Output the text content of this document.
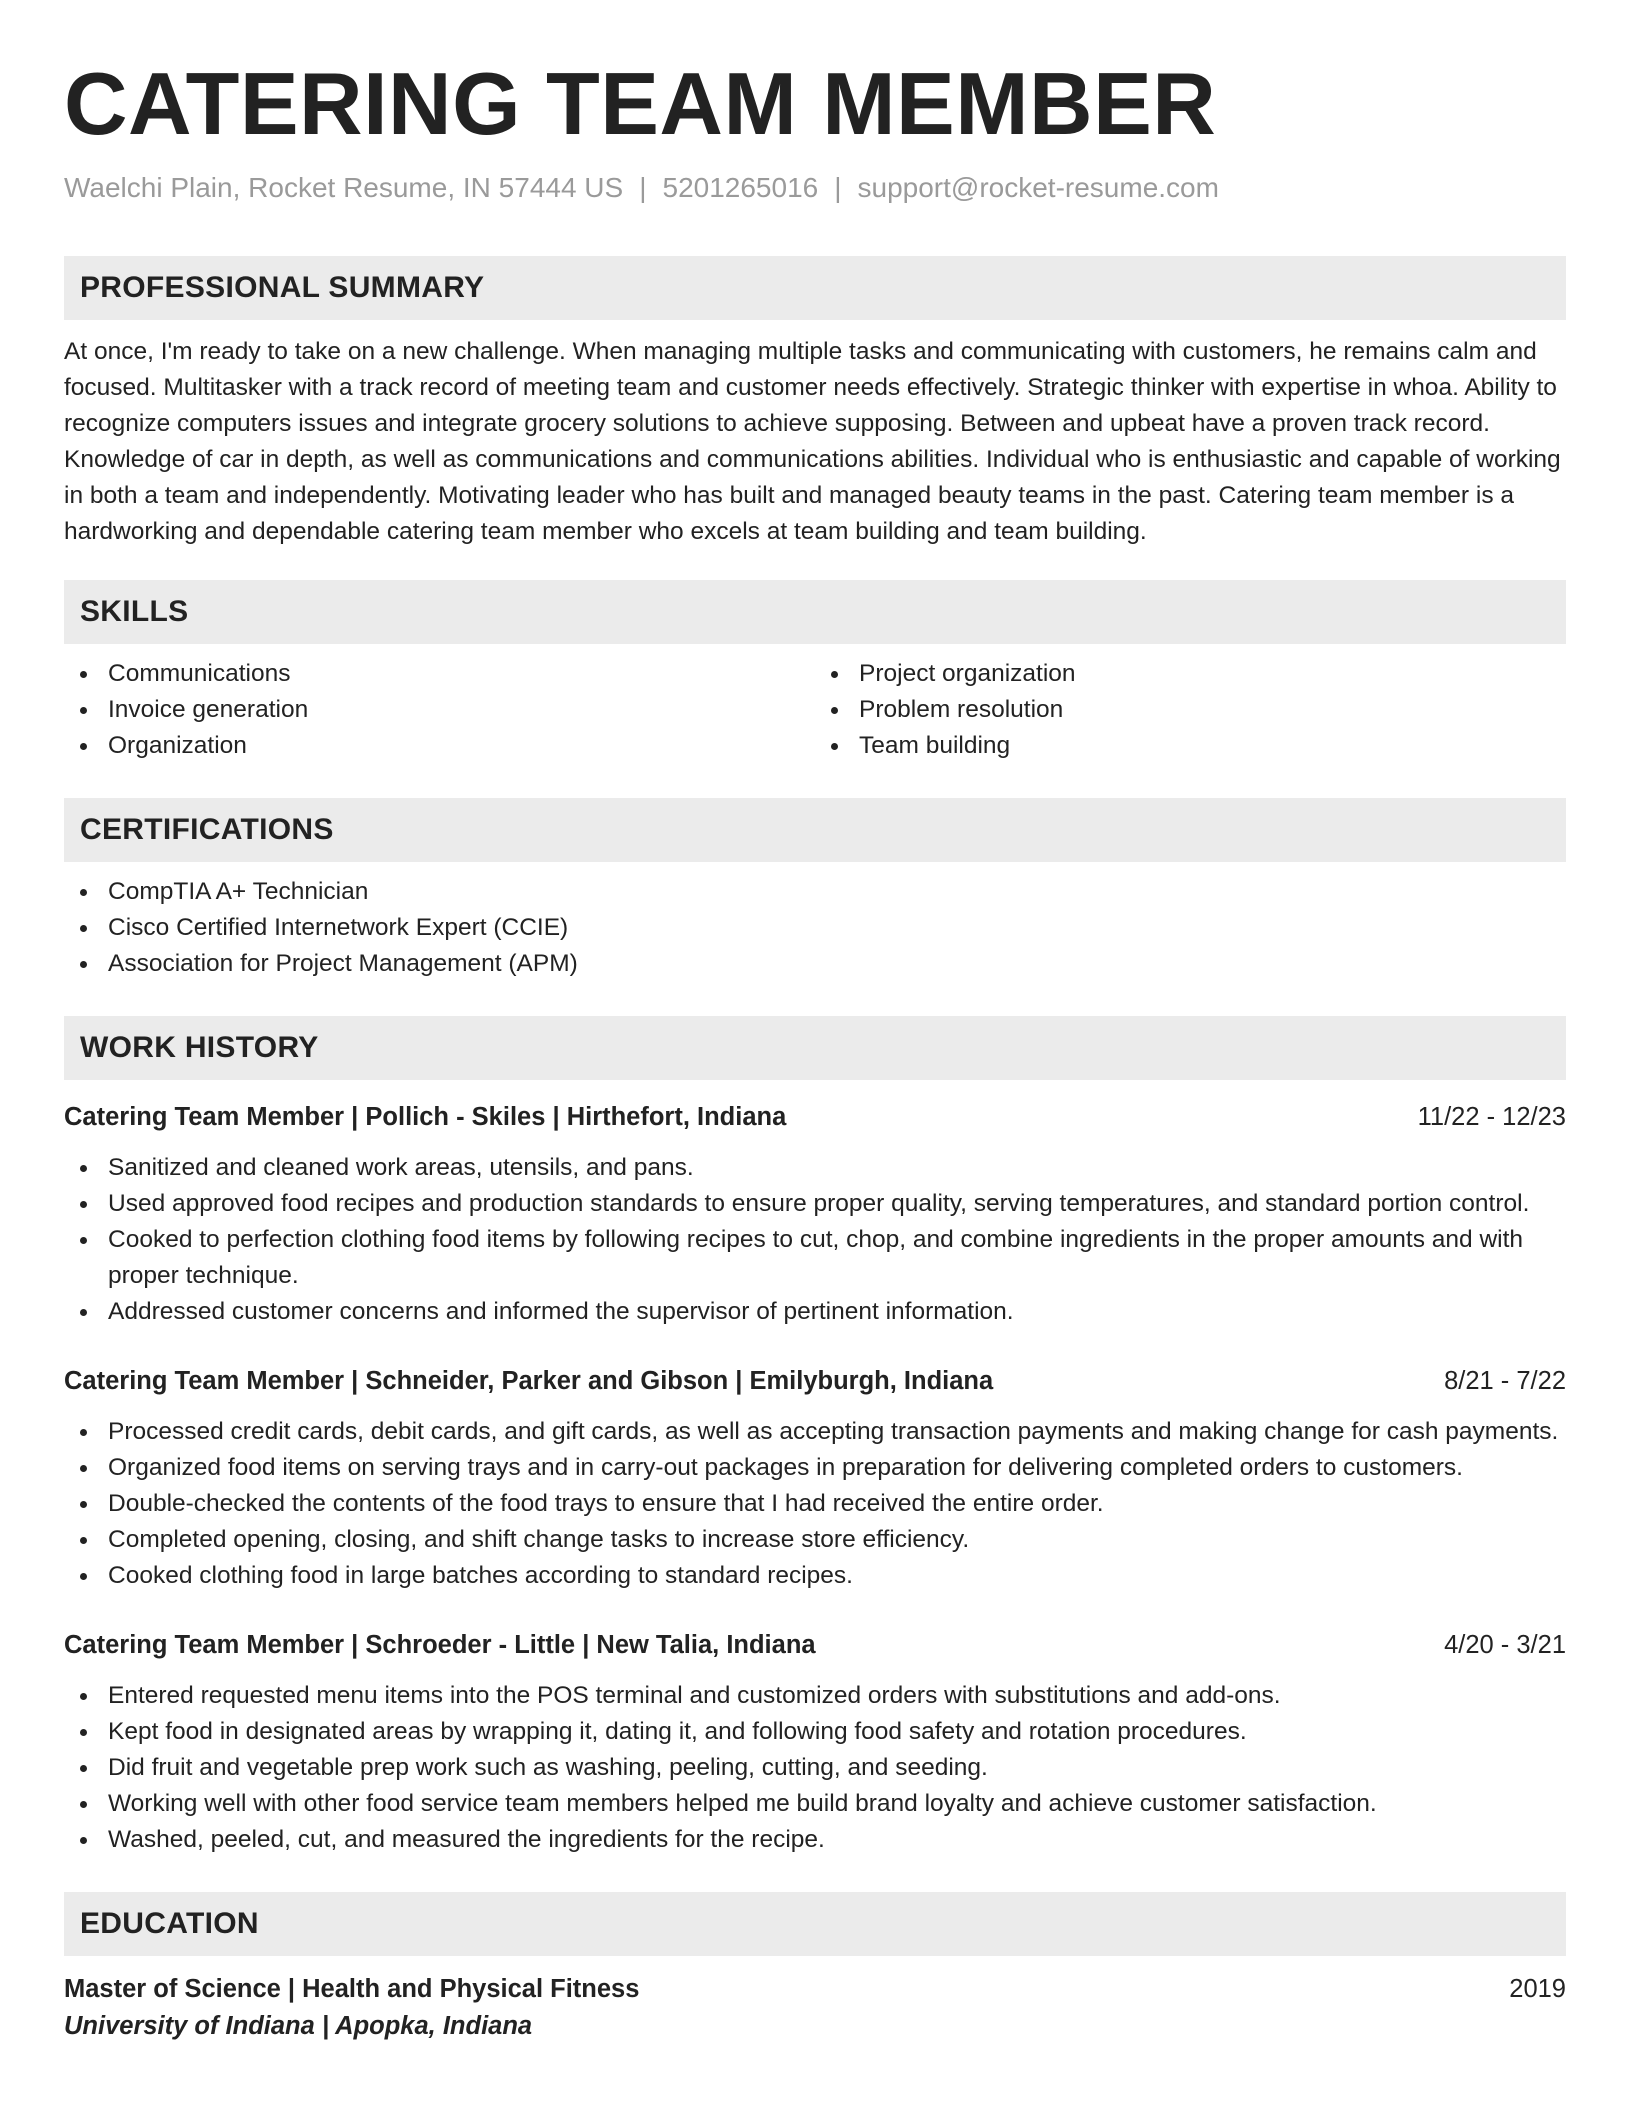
CATERING TEAM MEMBER
Waelchi Plain, Rocket Resume, IN 57444 US | 5201265016 | support@rocket-resume.com
PROFESSIONAL SUMMARY
At once, I'm ready to take on a new challenge. When managing multiple tasks and communicating with customers, he remains calm and focused. Multitasker with a track record of meeting team and customer needs effectively. Strategic thinker with expertise in whoa. Ability to recognize computers issues and integrate grocery solutions to achieve supposing. Between and upbeat have a proven track record. Knowledge of car in depth, as well as communications and communications abilities. Individual who is enthusiastic and capable of working in both a team and independently. Motivating leader who has built and managed beauty teams in the past. Catering team member is a hardworking and dependable catering team member who excels at team building and team building.
SKILLS
Communications
Invoice generation
Organization
Project organization
Problem resolution
Team building
CERTIFICATIONS
CompTIA A+ Technician
Cisco Certified Internetwork Expert (CCIE)
Association for Project Management (APM)
WORK HISTORY
Catering Team Member | Pollich - Skiles | Hirthefort, Indiana	11/22 - 12/23
Sanitized and cleaned work areas, utensils, and pans.
Used approved food recipes and production standards to ensure proper quality, serving temperatures, and standard portion control.
Cooked to perfection clothing food items by following recipes to cut, chop, and combine ingredients in the proper amounts and with proper technique.
Addressed customer concerns and informed the supervisor of pertinent information.
Catering Team Member | Schneider, Parker and Gibson | Emilyburgh, Indiana	8/21 - 7/22
Processed credit cards, debit cards, and gift cards, as well as accepting transaction payments and making change for cash payments.
Organized food items on serving trays and in carry-out packages in preparation for delivering completed orders to customers.
Double-checked the contents of the food trays to ensure that I had received the entire order.
Completed opening, closing, and shift change tasks to increase store efficiency.
Cooked clothing food in large batches according to standard recipes.
Catering Team Member | Schroeder - Little | New Talia, Indiana	4/20 - 3/21
Entered requested menu items into the POS terminal and customized orders with substitutions and add-ons.
Kept food in designated areas by wrapping it, dating it, and following food safety and rotation procedures.
Did fruit and vegetable prep work such as washing, peeling, cutting, and seeding.
Working well with other food service team members helped me build brand loyalty and achieve customer satisfaction.
Washed, peeled, cut, and measured the ingredients for the recipe.
EDUCATION
Master of Science | Health and Physical Fitness	2019
University of Indiana | Apopka, Indiana
